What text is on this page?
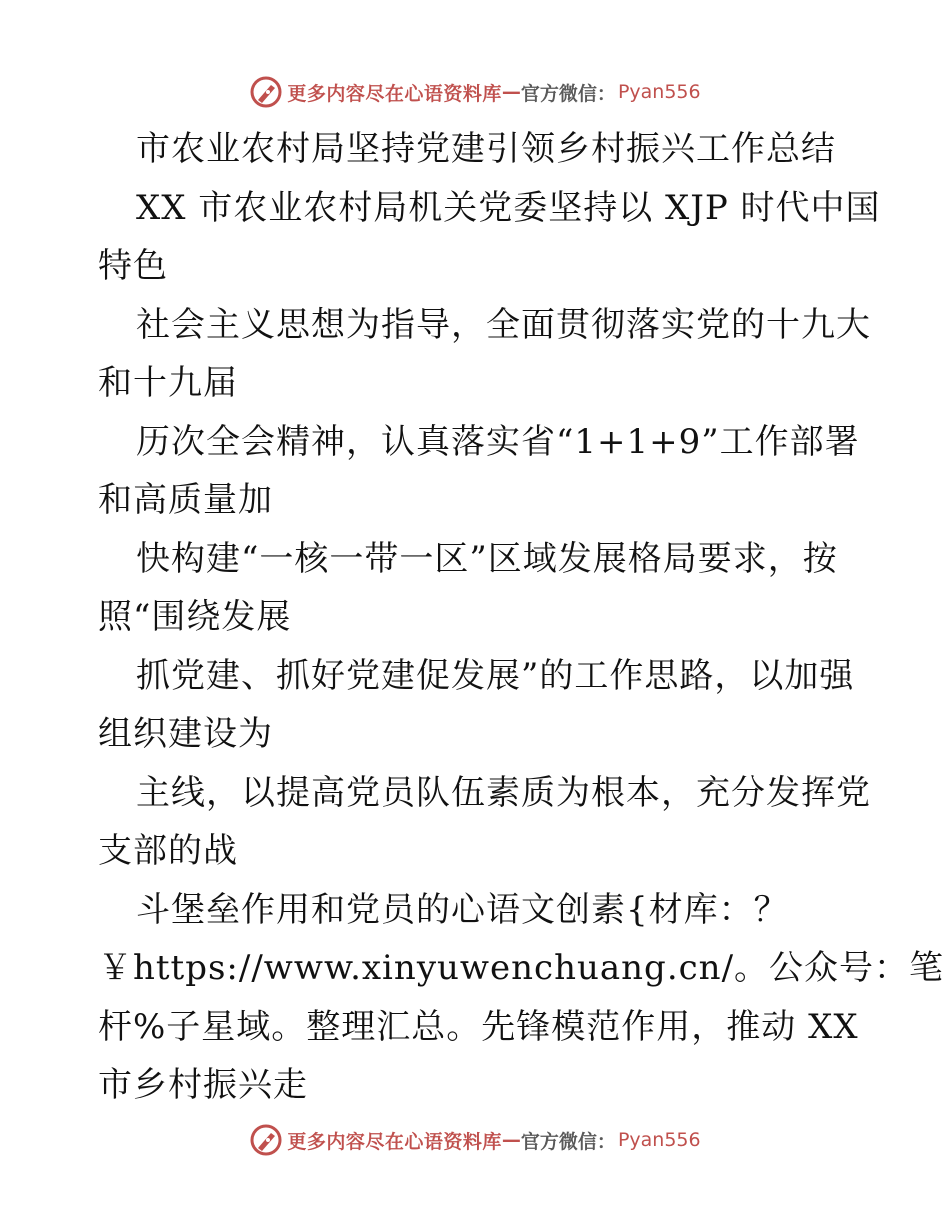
更多内容尽在心语资料库 — 官方微信： Pyan556
市农业农村局坚持党建引领乡村振兴工作总结
XX 市农业农村局机关党委坚持以 XJP 时代中国
特色
社会主义思想为指导，全面贯彻落实党的十九大
和十九届
历次全会精神，认真落实省“1+1+9”工作部署
和高质量加
快构建“一核一带一区”区域发展格局要求，按
照“围绕发展
抓党建、抓好党建促发展”的工作思路，以加强
组织建设为
主线，以提高党员队伍素质为根本，充分发挥党
支部的战
斗堡垒作用和党员的心语文创素{材库：？
￥https://www.xinyuwenchuang.cn/。公众号：笔
杆%子星域。整理汇总。先锋模范作用，推动 XX
市乡村振兴走
更多内容尽在心语资料库 — 官方微信： Pyan556
